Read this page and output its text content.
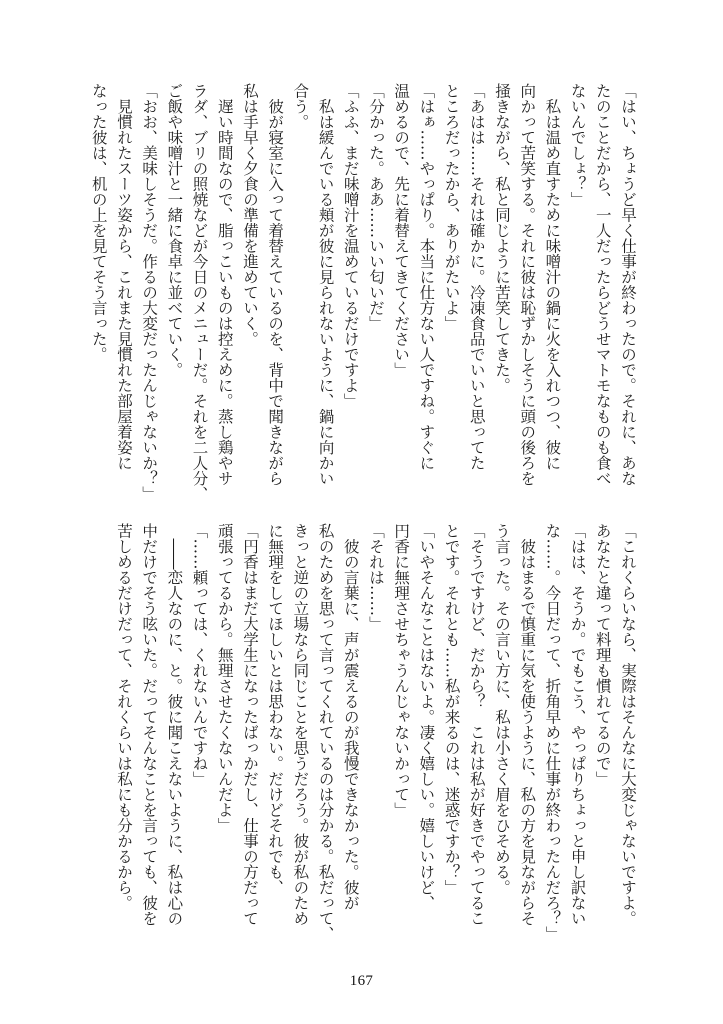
「はい、ちょうど早く仕事が終わったので。それに、あな
たのことだから、一人だったらどうせマトモなものも食べ
ないんでしょ？」
　私は温め直すために味噌汁の鍋に火を入れつつ、彼に
向かって苦笑する。それに彼は恥ずかしそうに頭の後ろを
掻きながら、私と同じように苦笑してきた。
「あはは……それは確かに。冷凍食品でいいと思ってた
ところだったから、ありがたいよ」
「はぁ……やっぱり。本当に仕方ない人ですね。すぐに
温めるので、先に着替えてきてください」
「分かった。ああ……いい匂いだ」
「ふふ、まだ味噌汁を温めているだけですよ」
　私は緩んでいる頬が彼に見られないように、鍋に向かい
合う。
　彼が寝室に入って着替えているのを、背中で聞きながら
私は手早く夕食の準備を進めていく。
　遅い時間なので、脂っこいものは控えめに。蒸し鶏やサ
ラダ、ブリの照焼などが今日のメニューだ。それを二人分、
ご飯や味噌汁と一緒に食卓に並べていく。
「おお、美味しそうだ。作るの大変だったんじゃないか？」
　見慣れたスーツ姿から、これまた見慣れた部屋着姿に
なった彼は、机の上を見てそう言った。
「これくらいなら、実際はそんなに大変じゃないですよ。
あなたと違って料理も慣れてるので」
「はは、そうか。でもこう、やっぱりちょっと申し訳ない
な……。今日だって、折角早めに仕事が終わったんだろ？」
　彼はまるで慎重に気を使うように、私の方を見ながらそ
う言った。その言い方に、私は小さく眉をひそめる。
「そうですけど、だから？　これは私が好きでやってるこ
とです。それとも……私が来るのは、迷惑ですか？」
「いやそんなことはないよ。凄く嬉しい。嬉しいけど、
円香に無理させちゃうんじゃないかって」
「それは……」
　彼の言葉に、声が震えるのが我慢できなかった。彼が
私のためを思って言ってくれているのは分かる。私だって、
きっと逆の立場なら同じことを思うだろう。彼が私のため
に無理をしてほしいとは思わない。だけどそれでも、
「円香はまだ大学生になったばっかだし、仕事の方だって
頑張ってるから。無理させたくないんだよ」
「……頼っては、くれないんですね」
　――恋人なのに、と。彼に聞こえないように、私は心の
中だけでそう呟いた。だってそんなことを言っても、彼を
苦しめるだけだって、それくらいは私にも分かるから。
167
